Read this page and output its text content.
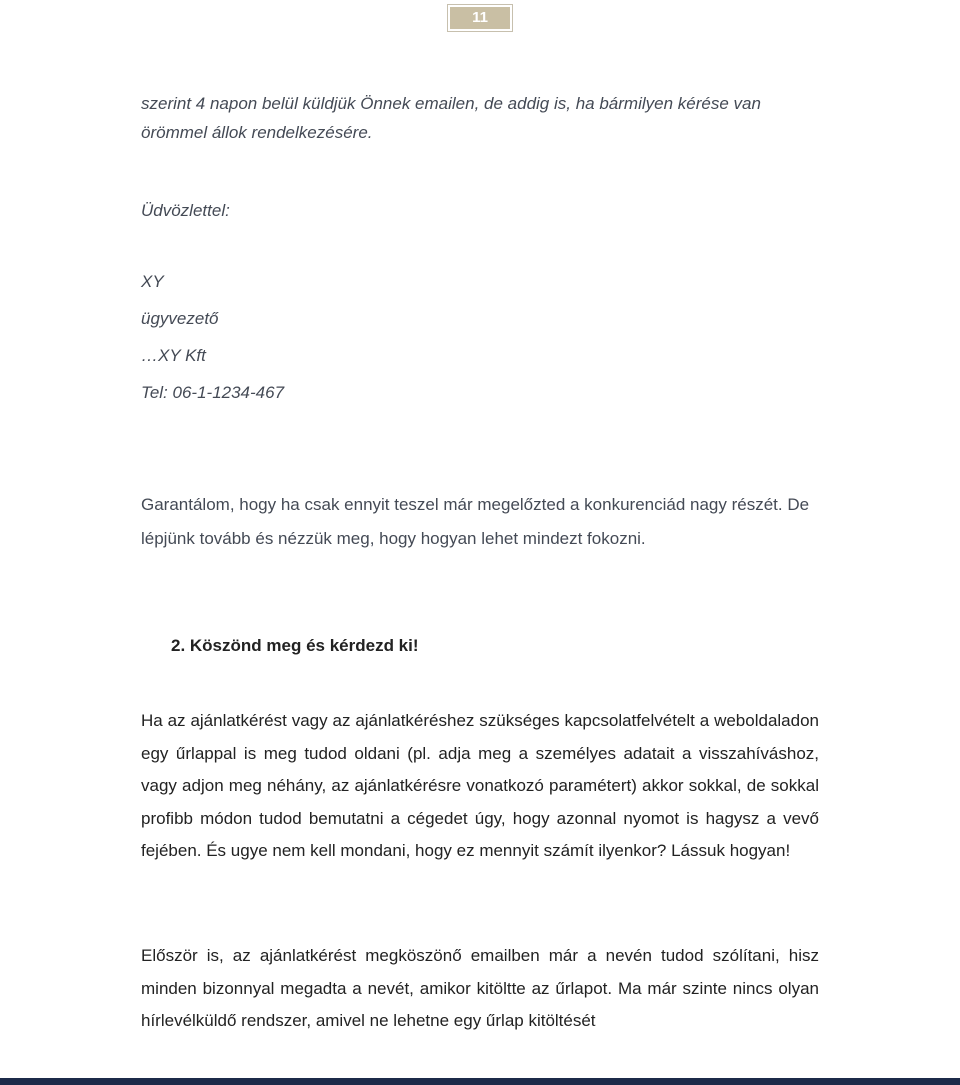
11
szerint 4 napon belül küldjük Önnek emailen, de addig is, ha bármilyen kérése van örömmel állok rendelkezésére.
Üdvözlettel:
XY
ügyvezető
…XY Kft
Tel: 06-1-1234-467
Garantálom, hogy ha csak ennyit teszel már megelőzted a konkurenciád nagy részét. De lépjünk tovább és nézzük meg, hogy hogyan lehet mindezt fokozni.
2. Köszönd meg és kérdezd ki!
Ha az ajánlatkérést vagy az ajánlatkéréshez szükséges kapcsolatfelvételt a weboldaladon egy űrlappal is meg tudod oldani (pl. adja meg a személyes adatait a visszahíváshoz, vagy adjon meg néhány, az ajánlatkérésre vonatkozó paramétert) akkor sokkal, de sokkal profibb módon tudod bemutatni a cégedet úgy, hogy azonnal nyomot is hagysz a vevő fejében. És ugye nem kell mondani, hogy ez mennyit számít ilyenkor? Lássuk hogyan!
Először is, az ajánlatkérést megköszönő emailben már a nevén tudod szólítani, hisz minden bizonnyal megadta a nevét, amikor kitöltte az űrlapot. Ma már szinte nincs olyan hírlevélküldő rendszer, amivel ne lehetne egy űrlap kitöltését
